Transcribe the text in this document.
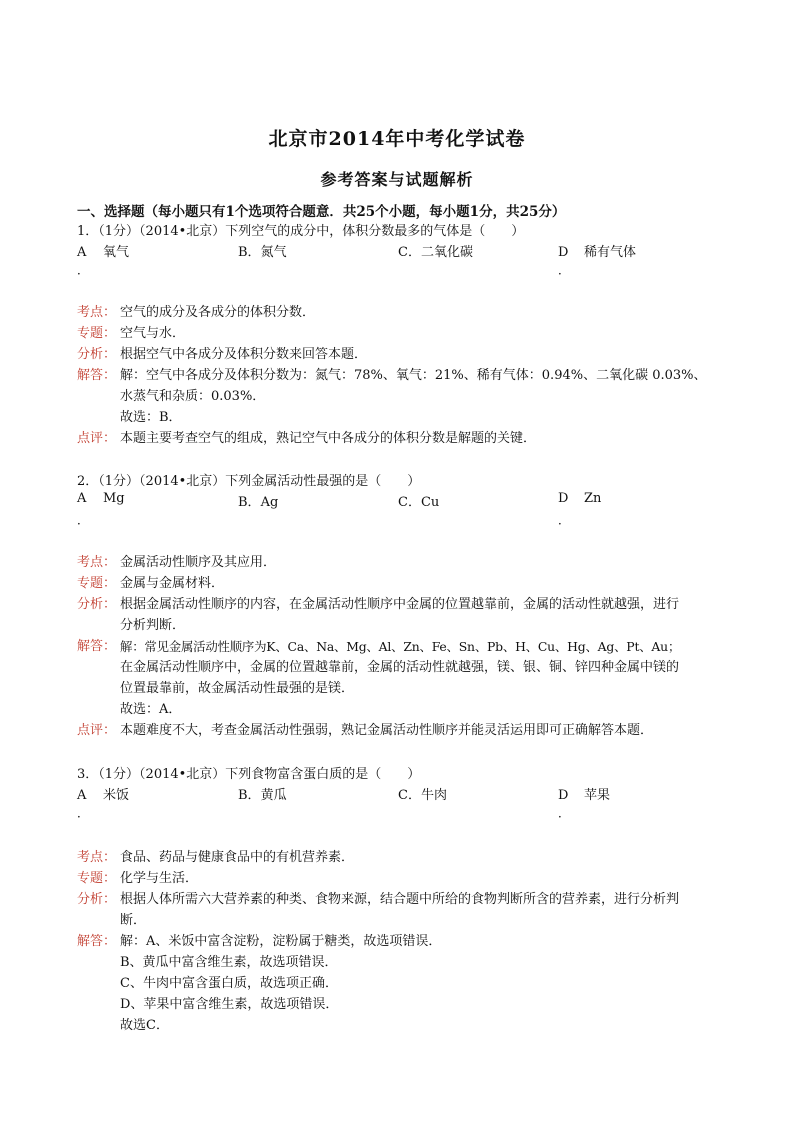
北京市2014年中考化学试卷
参考答案与试题解析
一、选择题（每小题只有1个选项符合题意．共25个小题，每小题1分，共25分）
1．（1分）（2014•北京）下列空气的成分中，体积分数最多的气体是（　　）
A 氧气
．
B．氮气	C．二氧化碳	D 稀有气体
．
考点： 空气的成分及各成分的体积分数．
专题： 空气与水．
分析： 根据空气中各成分及体积分数来回答本题．

解答： 解：空气中各成分及体积分数为：氮气：78%、氧气：21%、稀有气体：0.94%、二氧化碳 0.03%、

水蒸气和杂质：0.03%．

故选：B．

点评： 本题主要考查空气的组成，熟记空气中各成分的体积分数是解题的关键．
2．（1分）（2014•北京）下列金属活动性最强的是（　　）
A Mg
．
B．Ag	C．Cu	D Zn
．
考点： 金属活动性顺序及其应用．
专题： 金属与金属材料．
分析： 根据金属活动性顺序的内容，在金属活动性顺序中金属的位置越靠前，金属的活动性就越强，进行

分析判断．

解答： 解：常见金属活动性顺序为K、Ca、Na、Mg、Al、Zn、Fe、Sn、Pb、H、Cu、Hg、Ag、Pt、Au；

在金属活动性顺序中，金属的位置越靠前，金属的活动性就越强，镁、银、铜、锌四种金属中镁的

位置最靠前，故金属活动性最强的是镁．

故选：A．

点评： 本题难度不大，考查金属活动性强弱，熟记金属活动性顺序并能灵活运用即可正确解答本题．
3．（1分）（2014•北京）下列食物富含蛋白质的是（　　）
A 米饭
．
B．黄瓜	C．牛肉	D 苹果
．
考点： 食品、药品与健康食品中的有机营养素．
专题： 化学与生活．
分析： 根据人体所需六大营养素的种类、食物来源，结合题中所给的食物判断所含的营养素，进行分析判

断．

解答： 解：A、米饭中富含淀粉，淀粉属于糖类，故选项错误．

B、黄瓜中富含维生素，故选项错误．

C、牛肉中富含蛋白质，故选项正确．

D、苹果中富含维生素，故选项错误．

故选C．
